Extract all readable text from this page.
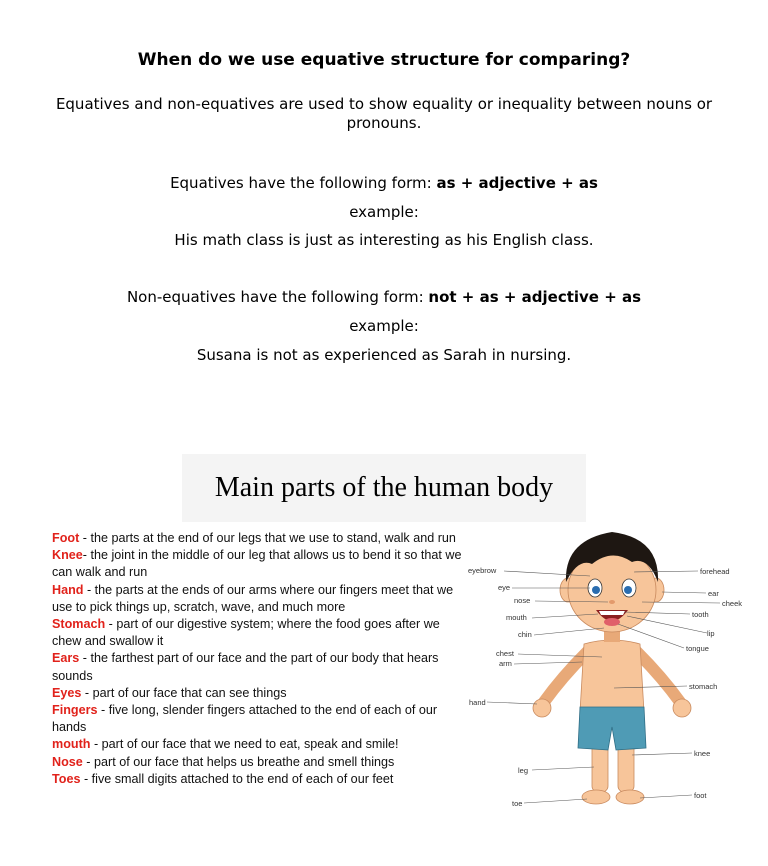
When do we use equative structure for comparing?
Equatives and non-equatives are used to show equality or inequality between nouns or pronouns.
Equatives have the following form: as + adjective + as
example:
His math class is just as interesting as his English class.
Non-equatives have the following form: not + as + adjective + as
example:
Susana is not as experienced as Sarah in nursing.
Main parts of the human body
Foot - the parts at the end of our legs that we use to stand, walk and run
Knee- the joint in the middle of our leg that allows us to bend it so that we can walk and run
Hand - the parts at the ends of our arms where our fingers meet that we use to pick things up, scratch, wave, and much more
Stomach - part of our digestive system; where the food goes after we chew and swallow it
Ears - the farthest part of our face and the part of our body that hears sounds
Eyes - part of our face that can see things
Fingers - five long, slender fingers attached to the end of each of our hands
mouth - part of our face that we need to eat, speak and smile!
Nose - part of our face that helps us breathe and smell things
Toes - five small digits attached to the end of each of our feet
eyebrow
eye
nose
mouth
chin
chest
arm
hand
leg
toe
forehead
ear
cheek
tooth
lip
tongue
stomach
knee
foot
